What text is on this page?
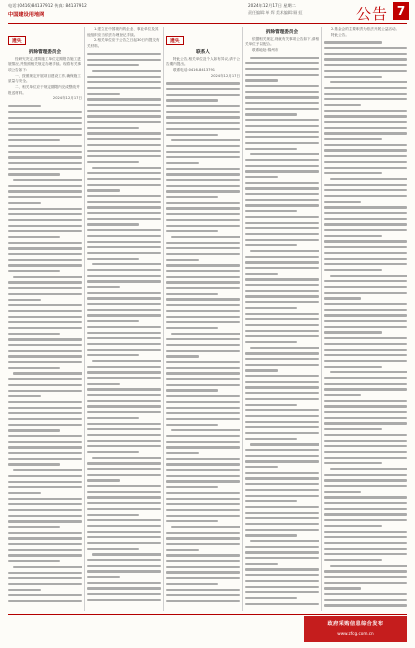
电话:(0416)84137912 传真: 84137912
中国建设用地网
2024年12月17日 星期二
责任编辑:单 焊 美术编辑:顾 虹	公告 7
遗失
拆除管理委员会
经研究决定,建筑施工单位定期报告施工进展情况,并按照相关规定办理手续。现将有关事项公告如下:
一、按照规定开展项目建设工作,确保施工质量与安全。
二、相关单位应于规定期限内完成整改并报送材料。
2024年12月17日
1.建立在中国境内的企业、事业单位及其他组织应当依法办理登记手续。
2.相关单位应于公告之日起30日内提交有关材料。
遗失
联系人
特此公告,相关单位及个人如有异议,请于公告期内提出。
联系电话:0416-8413791
2024年12月17日
拆除管理委员会
依据相关规定,现就有关事项公告如下,请相关单位予以配合。
联系地址:锦州市
2.基金会的主要职责为依法开展公益活动。
特此公告。
政府采购信息综合发布
www.zfcg.com.cn
